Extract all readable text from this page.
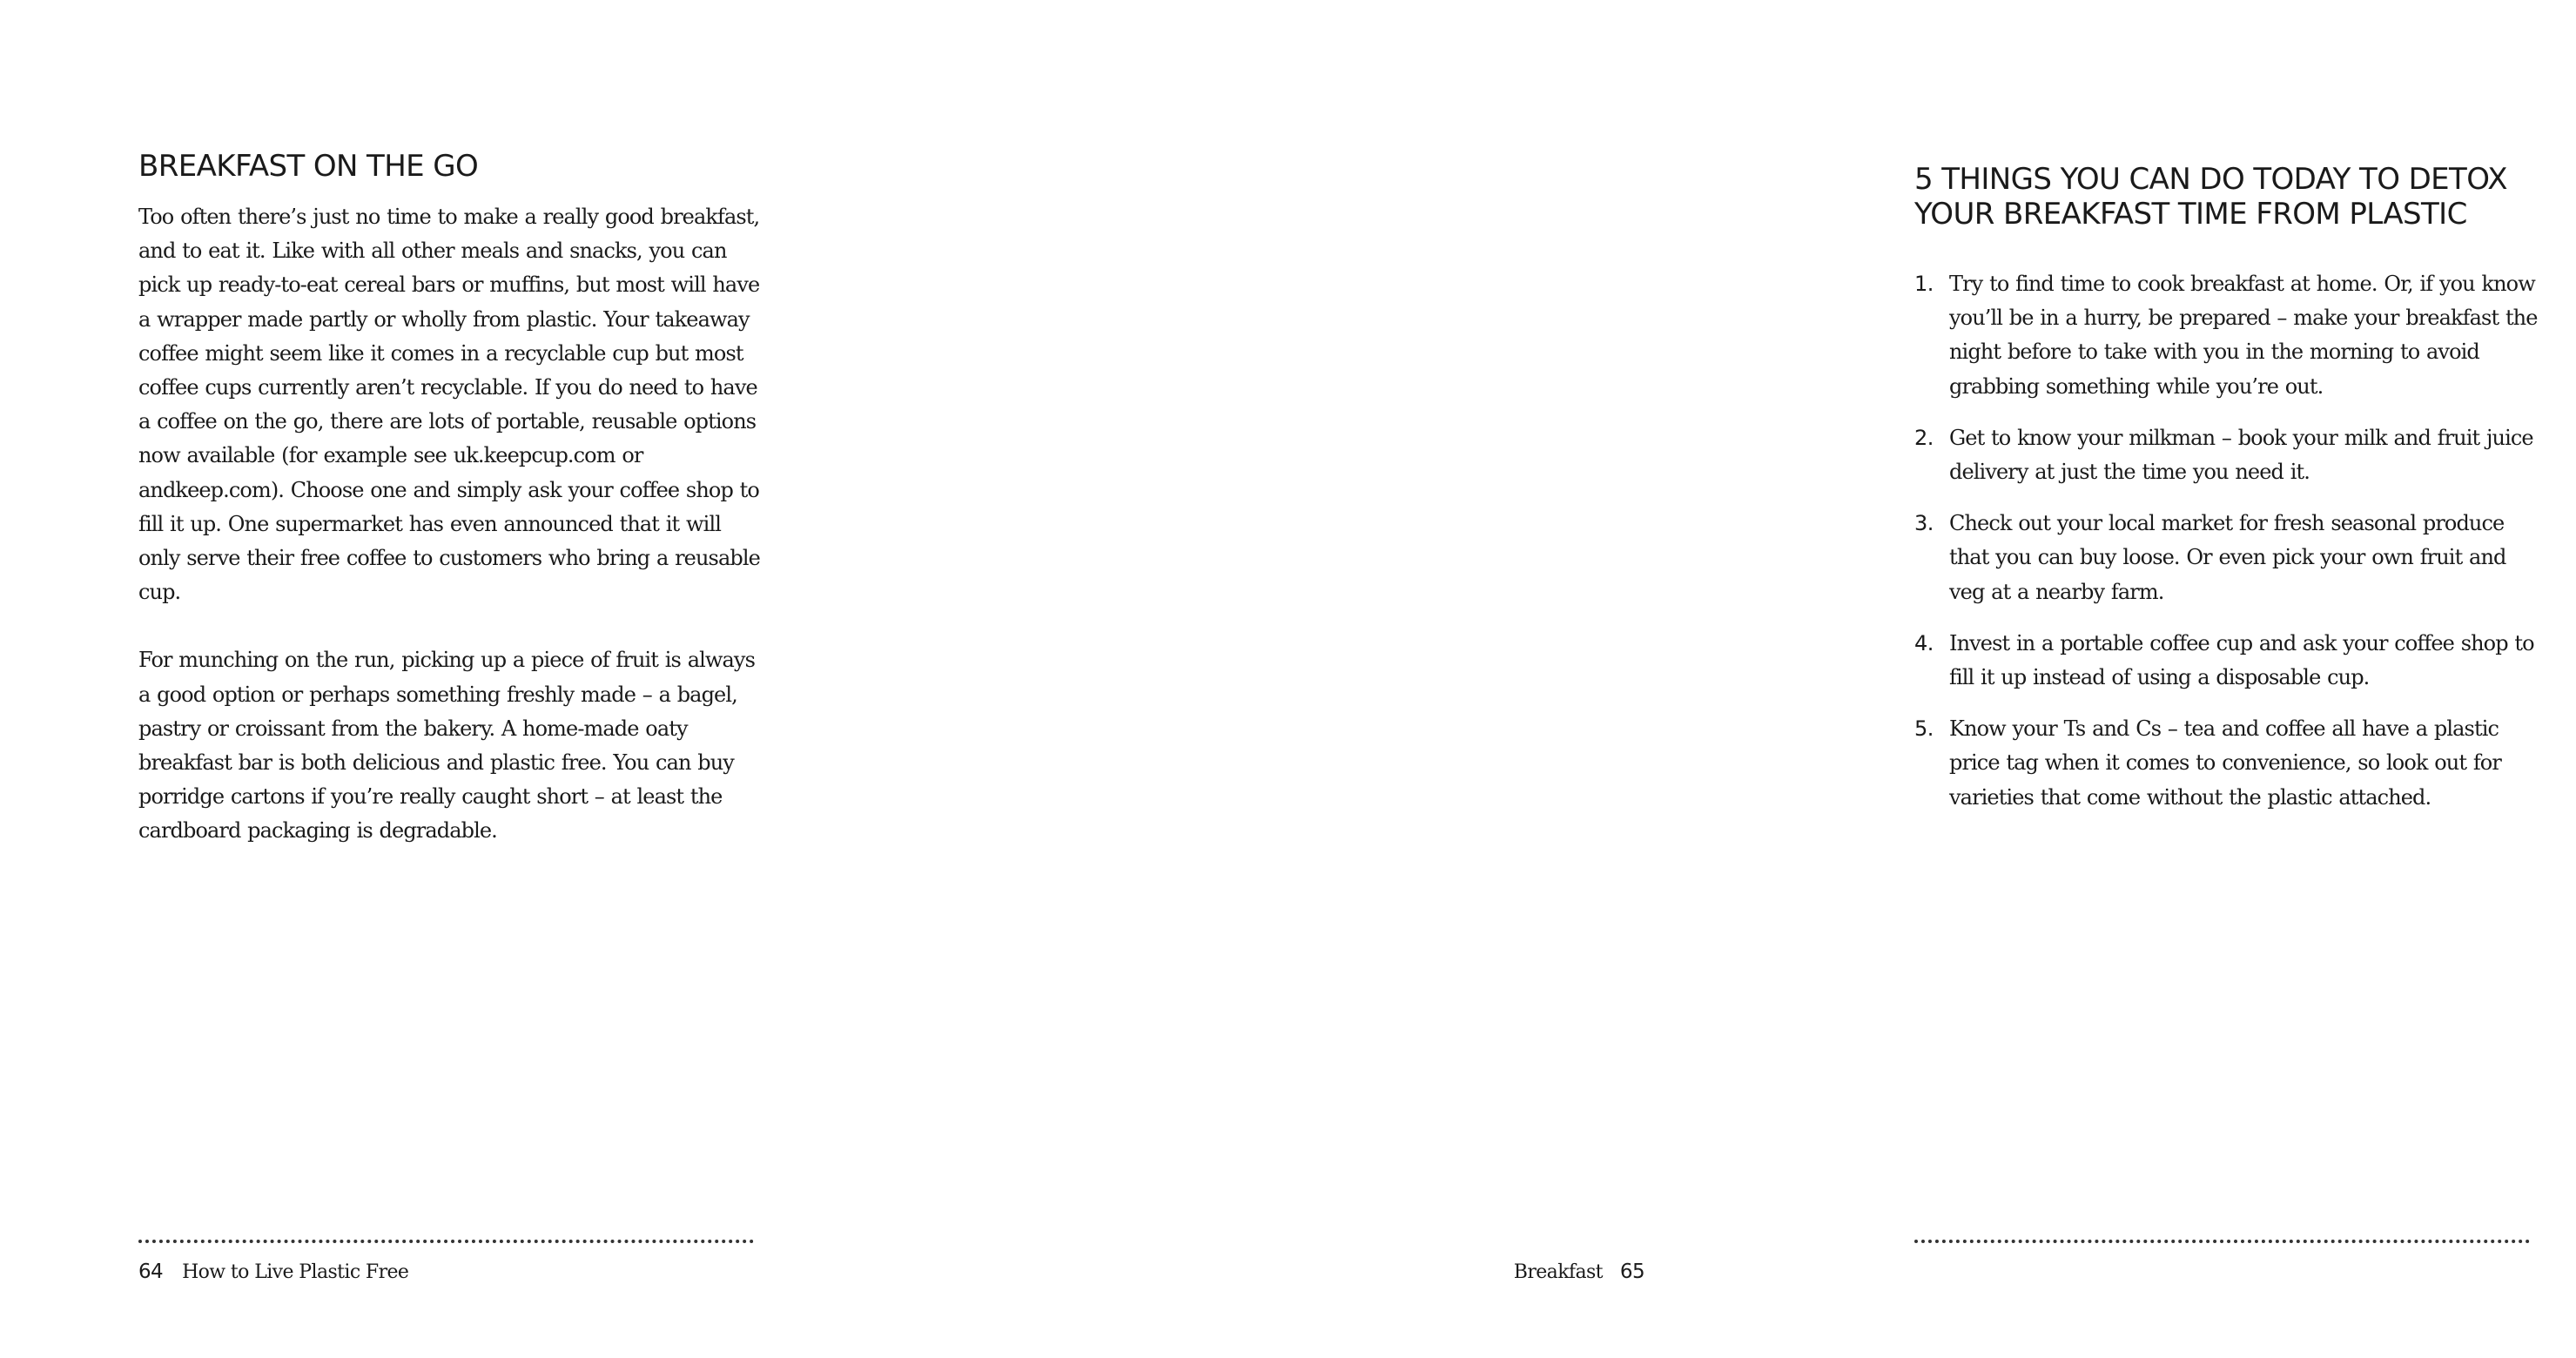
BREAKFAST ON THE GO

Too often there’s just no time to make a really good breakfast, and to eat it. Like with all other meals and snacks, you can pick up ready-to-eat cereal bars or muffins, but most will have a wrapper made partly or wholly from plastic. Your takeaway coffee might seem like it comes in a recyclable cup but most coffee cups currently aren’t recyclable. If you do need to have a coffee on the go, there are lots of portable, reusable options now available (for example see uk.keepcup.com or andkeep.com). Choose one and simply ask your coffee shop to fill it up. One supermarket has even announced that it will only serve their free coffee to customers who bring a reusable cup.

For munching on the run, picking up a piece of fruit is always a good option or perhaps something freshly made – a bagel, pastry or croissant from the bakery. A home-made oaty breakfast bar is both delicious and plastic free. You can buy porridge cartons if you’re really caught short – at least the cardboard packaging is degradable.

64 How to Live Plastic Free
5 THINGS YOU CAN DO TODAY TO DETOX
YOUR BREAKFAST TIME FROM PLASTIC
1. Try to find time to cook breakfast at home. Or, if you know you’ll be in a hurry, be prepared – make your breakfast the night before to take with you in the morning to avoid grabbing something while you’re out.

2. Get to know your milkman – book your milk and fruit juice delivery at just the time you need it.

3. Check out your local market for fresh seasonal produce that you can buy loose. Or even pick your own fruit and veg at a nearby farm.

4. Invest in a portable coffee cup and ask your coffee shop to fill it up instead of using a disposable cup.

5. Know your Ts and Cs – tea and coffee all have a plastic price tag when it comes to convenience, so look out for varieties that come without the plastic attached.

Breakfast 65
